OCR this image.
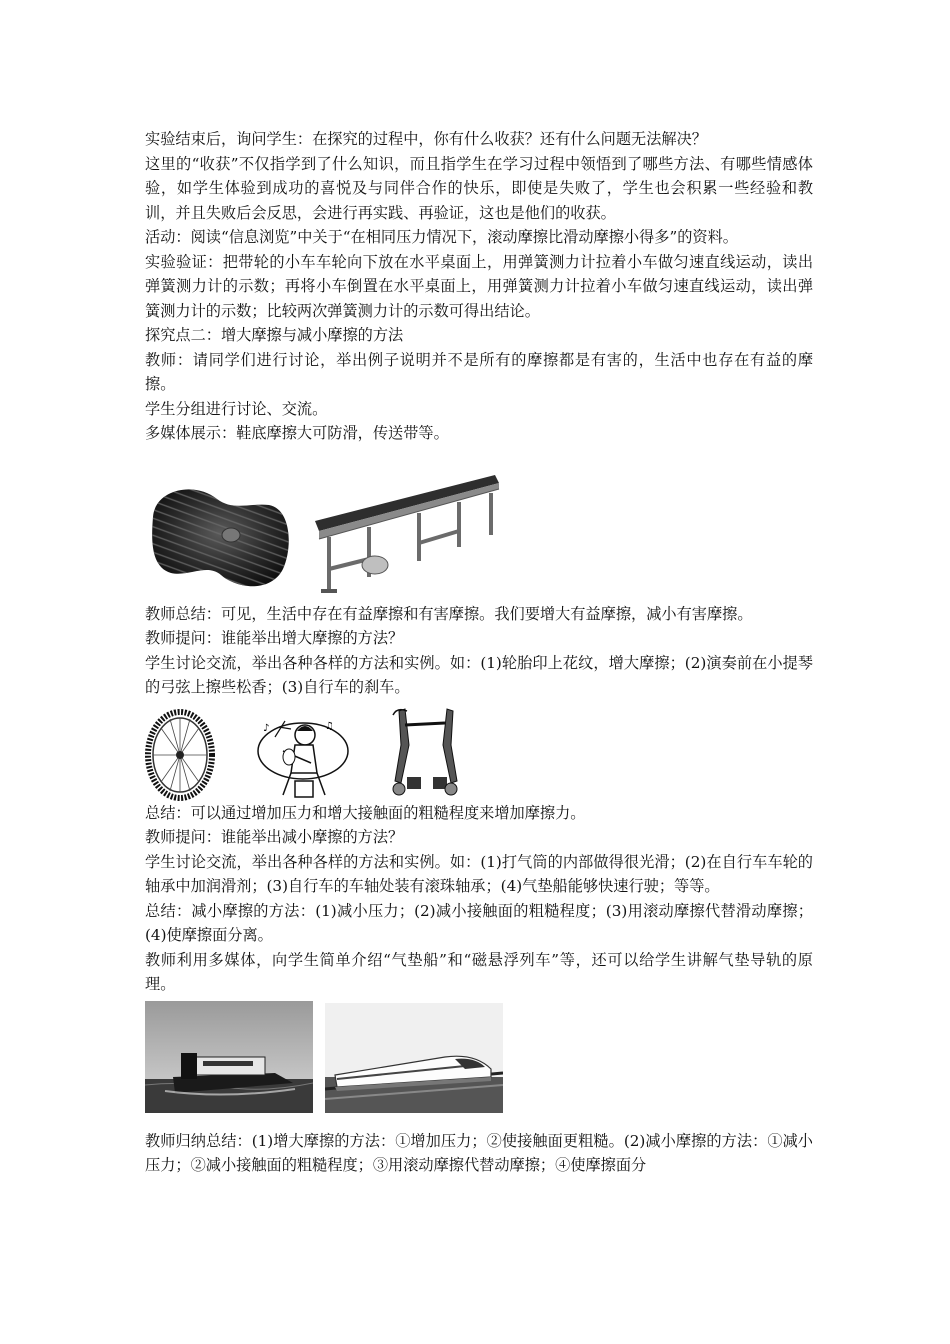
实验结束后，询问学生：在探究的过程中，你有什么收获？还有什么问题无法解决？

这里的“收获”不仅指学到了什么知识，而且指学生在学习过程中领悟到了哪些方法、有哪些情感体验，如学生体验到成功的喜悦及与同伴合作的快乐，即使是失败了，学生也会积累一些经验和教训，并且失败后会反思，会进行再实践、再验证，这也是他们的收获。

活动：阅读“信息浏览”中关于“在相同压力情况下，滚动摩擦比滑动摩擦小得多”的资料。

实验验证：把带轮的小车车轮向下放在水平桌面上，用弹簧测力计拉着小车做匀速直线运动，读出弹簧测力计的示数；再将小车倒置在水平桌面上，用弹簧测力计拉着小车做匀速直线运动，读出弹簧测力计的示数；比较两次弹簧测力计的示数可得出结论。

探究点二：增大摩擦与减小摩擦的方法

教师：请同学们进行讨论，举出例子说明并不是所有的摩擦都是有害的，生活中也存在有益的摩擦。

学生分组进行讨论、交流。

多媒体展示：鞋底摩擦大可防滑，传送带等。

教师总结：可见，生活中存在有益摩擦和有害摩擦。我们要增大有益摩擦，减小有害摩擦。

教师提问：谁能举出增大摩擦的方法？

学生讨论交流，举出各种各样的方法和实例。如：(1)轮胎印上花纹，增大摩擦；(2)演奏前在小提琴的弓弦上擦些松香；(3)自行车的刹车。

♪	♫

总结：可以通过增加压力和增大接触面的粗糙程度来增加摩擦力。

教师提问：谁能举出减小摩擦的方法？

学生讨论交流，举出各种各样的方法和实例。如：(1)打气筒的内部做得很光滑；(2)在自行车车轮的轴承中加润滑剂；(3)自行车的车轴处装有滚珠轴承；(4)气垫船能够快速行驶；等等。

总结：减小摩擦的方法：(1)减小压力；(2)减小接触面的粗糙程度；(3)用滚动摩擦代替滑动摩擦；(4)使摩擦面分离。

教师利用多媒体，向学生简单介绍“气垫船”和“磁悬浮列车”等，还可以给学生讲解气垫导轨的原理。

教师归纳总结：(1)增大摩擦的方法：①增加压力；②使接触面更粗糙。(2)减小摩擦的方法：①减小压力；②减小接触面的粗糙程度；③用滚动摩擦代替动摩擦；④使摩擦面分
